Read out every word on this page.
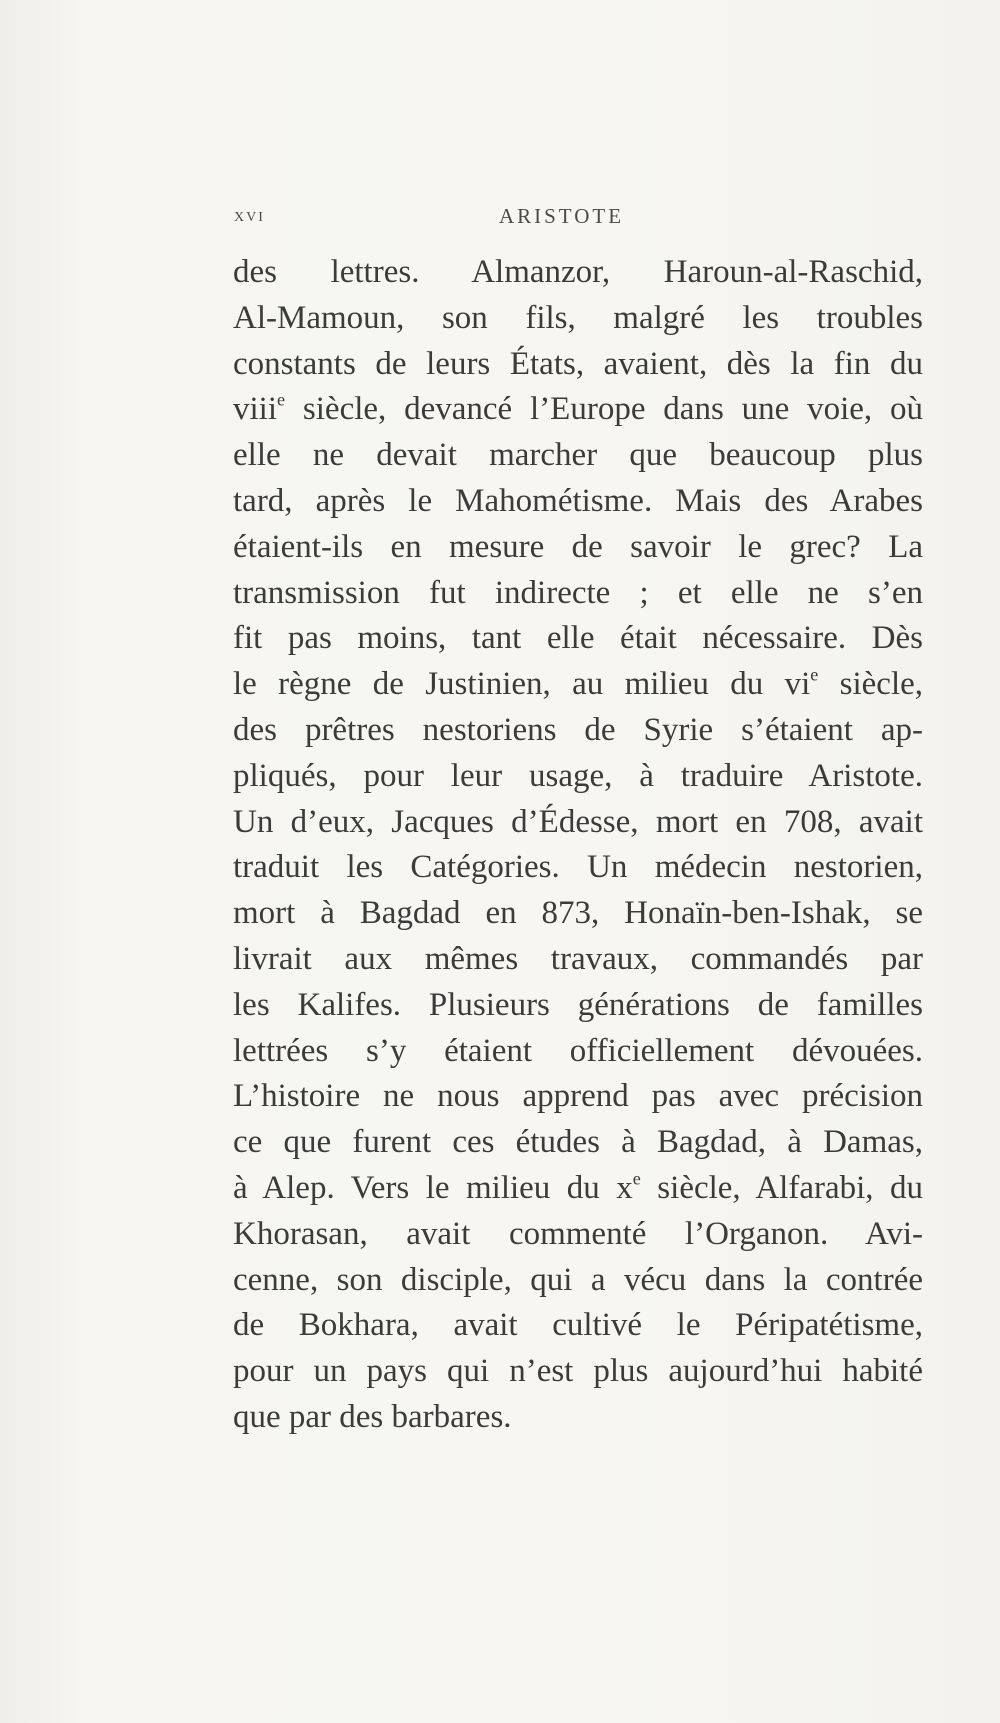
xvi	ARISTOTE
des lettres. Almanzor, Haroun-al-Raschid,
Al-Mamoun, son fils, malgré les troubles
constants de leurs États, avaient, dès la fin du
viii$^e$ siècle, devancé l’Europe dans une voie, où
elle ne devait marcher que beaucoup plus
tard, après le Mahométisme. Mais des Arabes
étaient-ils en mesure de savoir le grec? La
transmission fut indirecte ; et elle ne s’en
fit pas moins, tant elle était nécessaire. Dès
le règne de Justinien, au milieu du $vi^e$ siècle,
des prêtres nestoriens de Syrie s’étaient ap-
pliqués, pour leur usage, à traduire Aristote.
Un d’eux, Jacques d’Édesse, mort en 708, avait
traduit les Catégories. Un médecin nestorien,
mort à Bagdad en 873, Honaïn-ben-Ishak, se
livrait aux mêmes travaux, commandés par
les Kalifes. Plusieurs générations de familles
lettrées s’y étaient officiellement dévouées.
L’histoire ne nous apprend pas avec précision
ce que furent ces études à Bagdad, à Damas,
à Alep. Vers le milieu du $x^e$ siècle, Alfarabi, du
Khorasan, avait commenté l’Organon. Avi-
cenne, son disciple, qui a vécu dans la contrée
de Bokhara, avait cultivé le Péripatétisme,
pour un pays qui n’est plus aujourd’hui habité
que par des barbares.
